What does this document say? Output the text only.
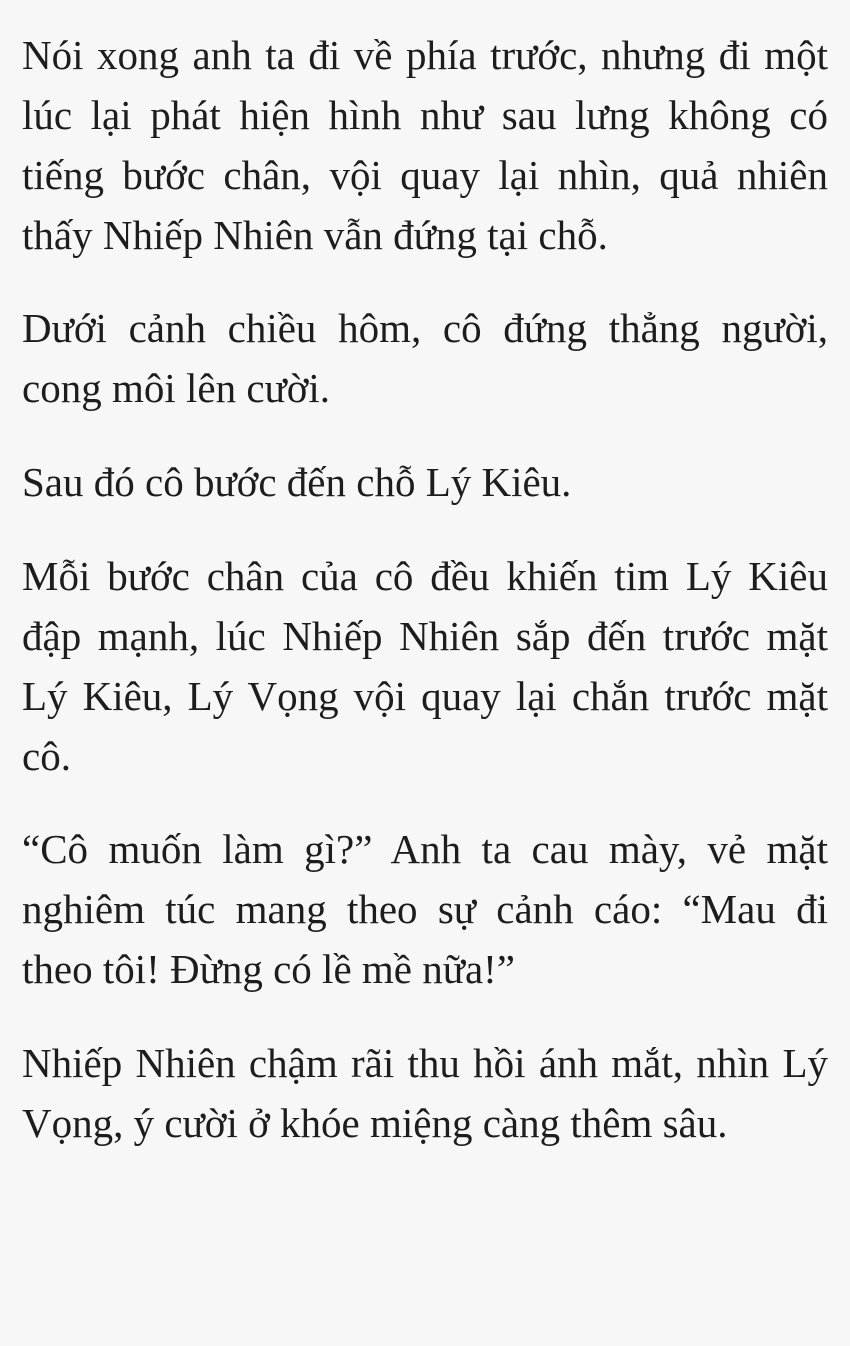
Nói xong anh ta đi về phía trước, nhưng đi một lúc lại phát hiện hình như sau lưng không có tiếng bước chân, vội quay lại nhìn, quả nhiên thấy Nhiếp Nhiên vẫn đứng tại chỗ.

Dưới cảnh chiều hôm, cô đứng thẳng người, cong môi lên cười.

Sau đó cô bước đến chỗ Lý Kiêu.

Mỗi bước chân của cô đều khiến tim Lý Kiêu đập mạnh, lúc Nhiếp Nhiên sắp đến trước mặt Lý Kiêu, Lý Vọng vội quay lại chắn trước mặt cô.

“Cô muốn làm gì?” Anh ta cau mày, vẻ mặt nghiêm túc mang theo sự cảnh cáo: “Mau đi theo tôi! Đừng có lề mề nữa!”

Nhiếp Nhiên chậm rãi thu hồi ánh mắt, nhìn Lý Vọng, ý cười ở khóe miệng càng thêm sâu.
